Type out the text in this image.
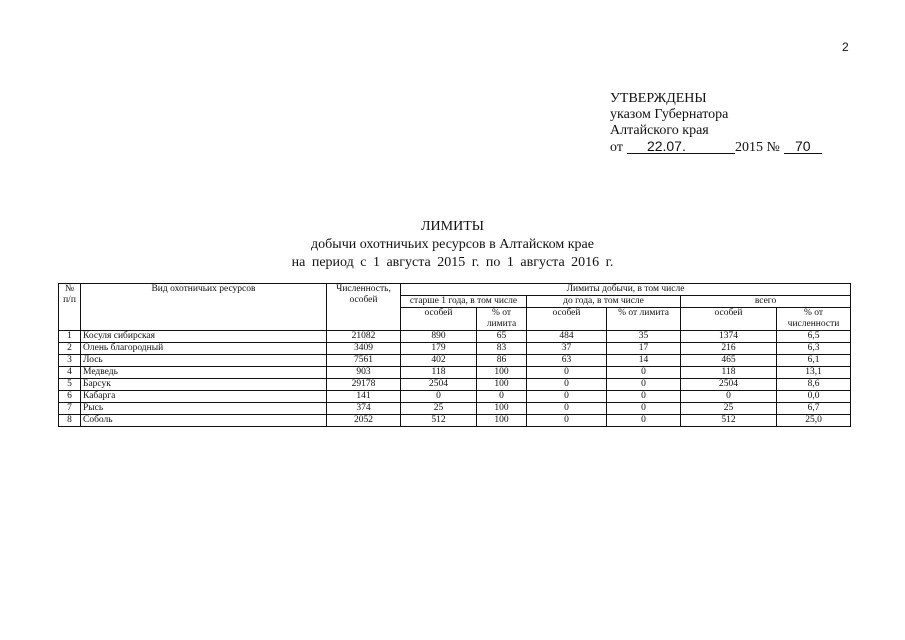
2
УТВЕРЖДЕНЫ
указом Губернатора
Алтайского края
от 22.07.	2015 № 70
ЛИМИТЫ
добычи охотничьих ресурсов в Алтайском крае
на период с 1 августа 2015 г. по 1 августа 2016 г.
№ п/п	Вид охотничьих ресурсов	Численность, особей	Лимиты добычи, в том числе					
			старше 1 года, в том числе		до года, в том числе		всего	
			особей	% от лимита	особей	% от лимита	особей	% от численности
1	Косуля сибирская	21082	890	65	484	35	1374	6,5
2	Олень благородный	3409	179	83	37	17	216	6,3
3	Лось	7561	402	86	63	14	465	6,1
4	Медведь	903	118	100	0	0	118	13,1
5	Барсук	29178	2504	100	0	0	2504	8,6
6	Кабарга	141	0	0	0	0	0	0,0
7	Рысь	374	25	100	0	0	25	6,7
8	Соболь	2052	512	100	0	0	512	25,0
